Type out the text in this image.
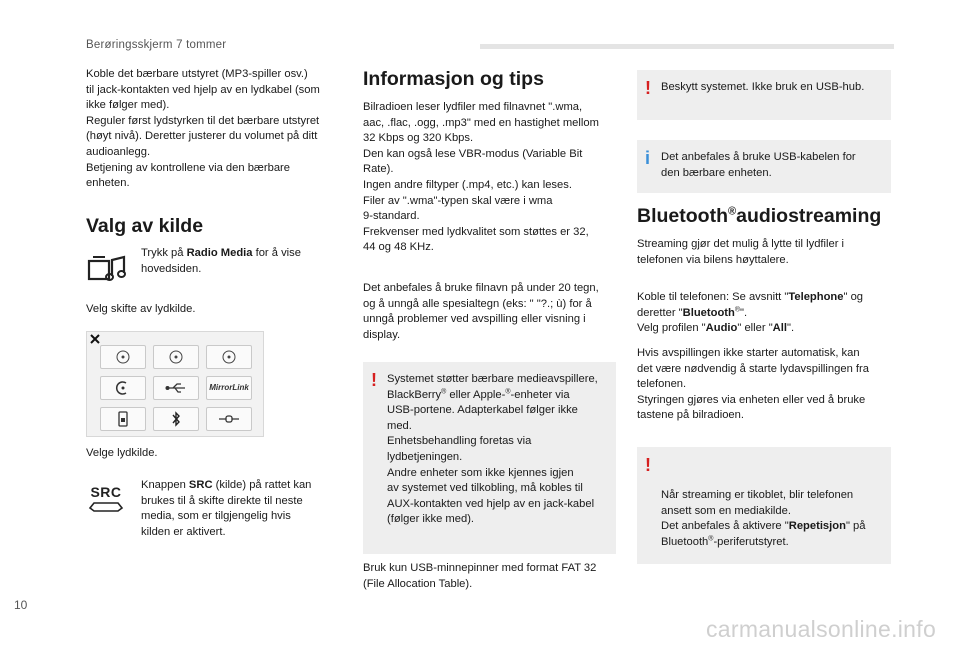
Berøringsskjerm 7 tommer
10
carmanualsonline.info

Koble det bærbare utstyret (MP3-spiller osv.)
til jack-kontakten ved hjelp av en lydkabel (som
ikke følger med).
Reguler først lydstyrken til det bærbare utstyret
(høyt nivå). Deretter justerer du volumet på ditt
audioanlegg.
Betjening av kontrollene via den bærbare
enheten.

Valg av kilde

Trykk på Radio Media for å vise hovedsiden.

Velg skifte av lydkilde.

MirrorLink

Velge lydkilde.

SRC	Knappen SRC (kilde) på rattet kan
brukes til å skifte direkte til neste
media, som er tilgjengelig hvis
kilden er aktivert.

Informasjon og tips

Bilradioen leser lydfiler med filnavnet ".wma,
aac, .flac, .ogg, .mp3" med en hastighet mellom
32 Kbps og 320 Kbps.
Den kan også lese VBR-modus (Variable Bit
Rate).
Ingen andre filtyper (.mp4, etc.) kan leses.
Filer av ".wma"-typen skal være i wma
9-standard.
Frekvenser med lydkvalitet som støttes er 32,
44 og 48 KHz.

Det anbefales å bruke filnavn på under 20 tegn,
og å unngå alle spesialtegn (eks: " "?.; ù) for å
unngå problemer ved avspilling eller visning i
display.

! Systemet støtter bærbare medieavspillere,

BlackBerry® eller Apple-®-enheter via

USB-portene. Adapterkabel følger ikke
med.
Enhetsbehandling foretas via
lydbetjeningen.
Andre enheter som ikke kjennes igjen
av systemet ved tilkobling, må kobles til
AUX-kontakten ved hjelp av en jack-kabel
(følger ikke med).

Bruk kun USB-minnepinner med format FAT 32
(File Allocation Table).

! Beskytt systemet. Ikke bruk en USB-hub.

i Det anbefales å bruke USB-kabelen for
den bærbare enheten.

Bluetooth®audiostreaming

Streaming gjør det mulig å lytte til lydfiler i
telefonen via bilens høyttalere.

Koble til telefonen: Se avsnitt "Telephone" og
deretter "Bluetooth®".
Velg profilen "Audio" eller "All".

Hvis avspillingen ikke starter automatisk, kan
det være nødvendig å starte lydavspillingen fra
telefonen.
Styringen gjøres via enheten eller ved å bruke
tastene på bilradioen.

!

Når streaming er tikoblet, blir telefonen
ansett som en mediakilde.
Det anbefales å aktivere "Repetisjon" på
Bluetooth®-periferutstyret.
